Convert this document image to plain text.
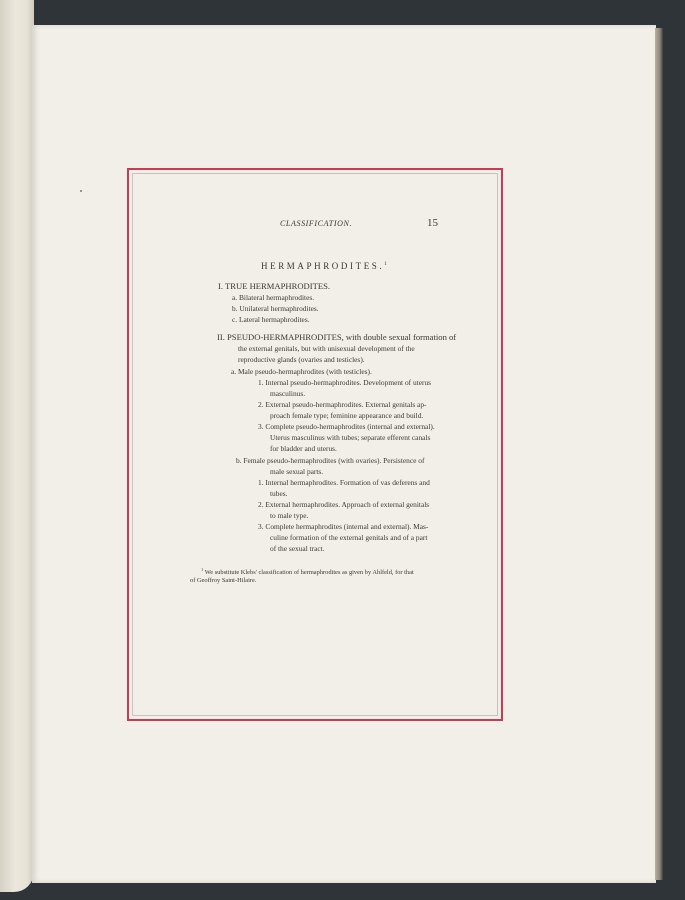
CLASSIFICATION.	15
HERMAPHRODITES.$^1$
I. TRUE HERMAPHRODITES.
a. Bilateral hermaphrodites.
b. Unilateral hermaphrodites.
c. Lateral hermaphrodites.
II. PSEUDO-HERMAPHRODITES, with double sexual formation of
the external genitals, but with unisexual development of the
reproductive glands (ovaries and testicles).
a. Male pseudo-hermaphrodites (with testicles).
1. Internal pseudo-hermaphrodites. Development of uterus
masculinus.
2. External pseudo-hermaphrodites. External genitals ap-
proach female type; feminine appearance and build.
3. Complete pseudo-hermaphrodites (internal and external).
Uterus masculinus with tubes; separate efferent canals
for bladder and uterus.
b. Female pseudo-hermaphrodites (with ovaries). Persistence of
male sexual parts.
1. Internal hermaphrodites. Formation of vas deferens and
tubes.
2. External hermaphrodites. Approach of external genitals
to male type.
3. Complete hermaphrodites (internal and external). Mas-
culine formation of the external genitals and of a part
of the sexual tract.
$^1$ We substitute Klebs' classification of hermaphrodites as given by Ahlfeld, for that
of Geoffroy Saint-Hilaire.
